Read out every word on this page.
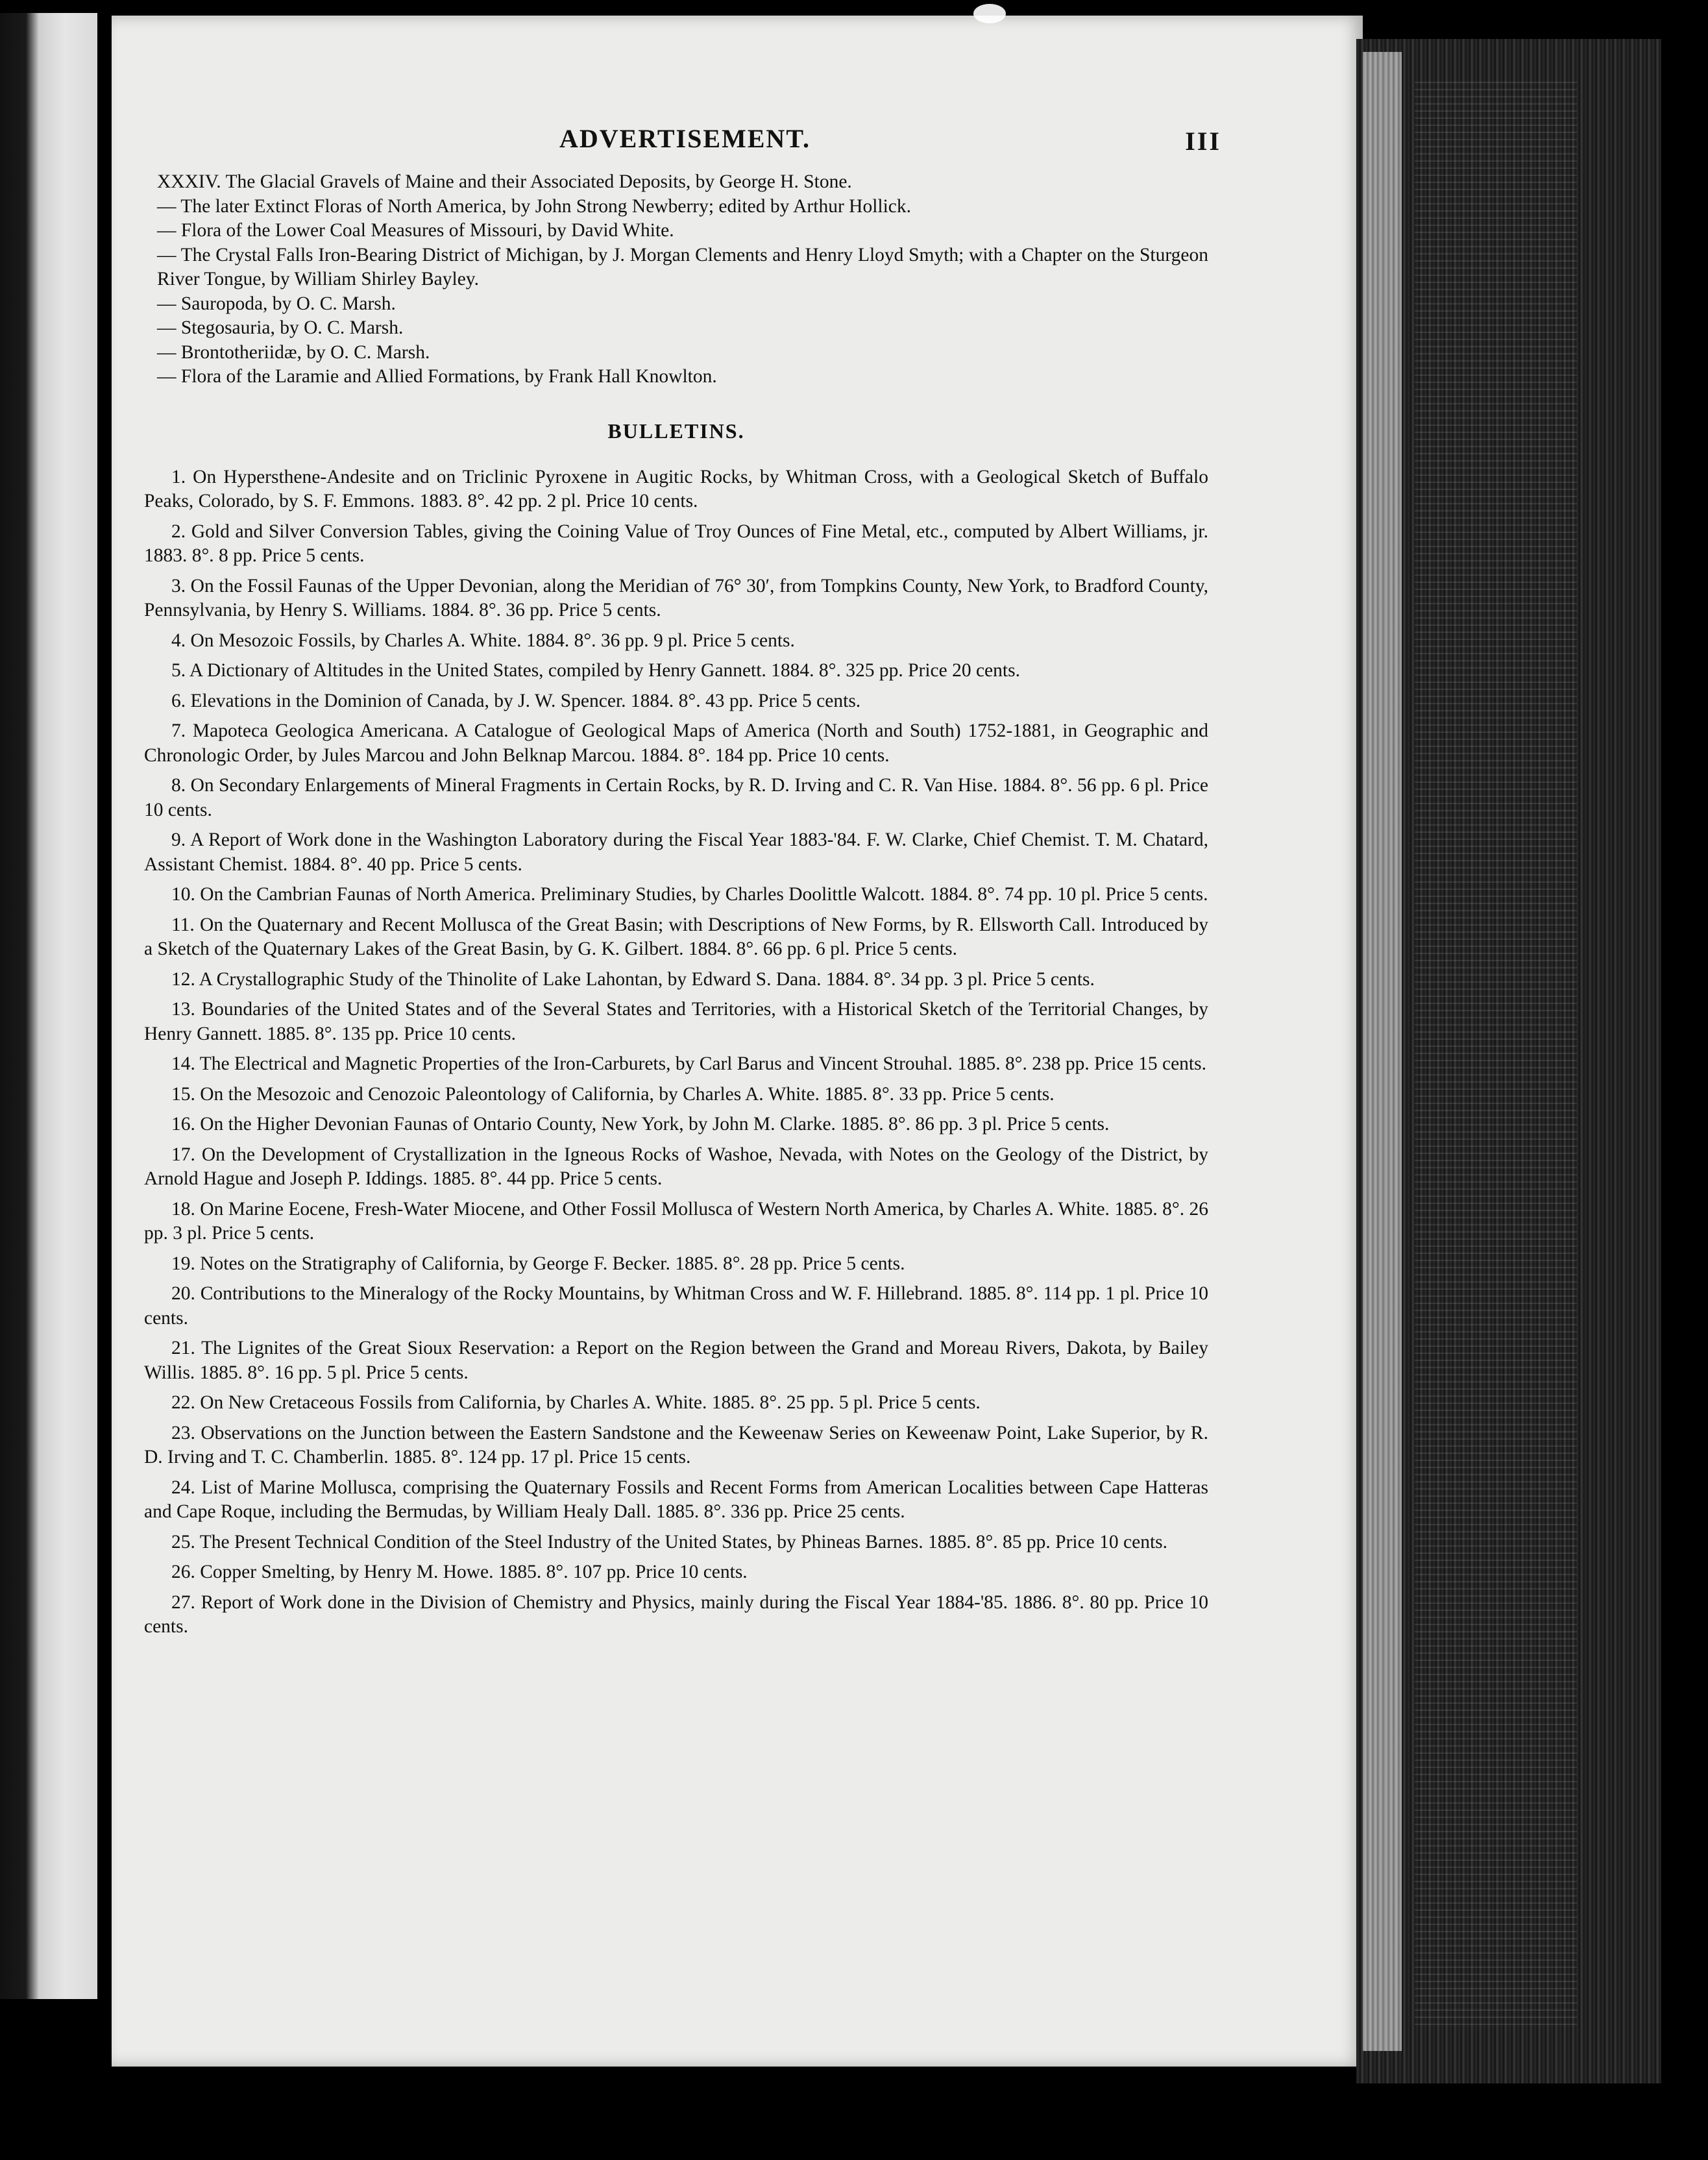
ADVERTISEMENT.	III

XXXIV. The Glacial Gravels of Maine and their Associated Deposits, by George H. Stone.

— The later Extinct Floras of North America, by John Strong Newberry; edited by Arthur Hollick.

— Flora of the Lower Coal Measures of Missouri, by David White.

— The Crystal Falls Iron-Bearing District of Michigan, by J. Morgan Clements and Henry Lloyd Smyth; with a Chapter on the Sturgeon River Tongue, by William Shirley Bayley.

— Sauropoda, by O. C. Marsh.

— Stegosauria, by O. C. Marsh.

— Brontotheriidæ, by O. C. Marsh.

— Flora of the Laramie and Allied Formations, by Frank Hall Knowlton.

BULLETINS.

1. On Hypersthene-Andesite and on Triclinic Pyroxene in Augitic Rocks, by Whitman Cross, with a Geological Sketch of Buffalo Peaks, Colorado, by S. F. Emmons. 1883. 8°. 42 pp. 2 pl. Price 10 cents.

2. Gold and Silver Conversion Tables, giving the Coining Value of Troy Ounces of Fine Metal, etc., computed by Albert Williams, jr. 1883. 8°. 8 pp. Price 5 cents.

3. On the Fossil Faunas of the Upper Devonian, along the Meridian of 76° 30′, from Tompkins County, New York, to Bradford County, Pennsylvania, by Henry S. Williams. 1884. 8°. 36 pp. Price 5 cents.

4. On Mesozoic Fossils, by Charles A. White. 1884. 8°. 36 pp. 9 pl. Price 5 cents.

5. A Dictionary of Altitudes in the United States, compiled by Henry Gannett. 1884. 8°. 325 pp. Price 20 cents.

6. Elevations in the Dominion of Canada, by J. W. Spencer. 1884. 8°. 43 pp. Price 5 cents.

7. Mapoteca Geologica Americana. A Catalogue of Geological Maps of America (North and South) 1752-1881, in Geographic and Chronologic Order, by Jules Marcou and John Belknap Marcou. 1884. 8°. 184 pp. Price 10 cents.

8. On Secondary Enlargements of Mineral Fragments in Certain Rocks, by R. D. Irving and C. R. Van Hise. 1884. 8°. 56 pp. 6 pl. Price 10 cents.

9. A Report of Work done in the Washington Laboratory during the Fiscal Year 1883-'84. F. W. Clarke, Chief Chemist. T. M. Chatard, Assistant Chemist. 1884. 8°. 40 pp. Price 5 cents.

10. On the Cambrian Faunas of North America. Preliminary Studies, by Charles Doolittle Walcott. 1884. 8°. 74 pp. 10 pl. Price 5 cents.

11. On the Quaternary and Recent Mollusca of the Great Basin; with Descriptions of New Forms, by R. Ellsworth Call. Introduced by a Sketch of the Quaternary Lakes of the Great Basin, by G. K. Gilbert. 1884. 8°. 66 pp. 6 pl. Price 5 cents.

12. A Crystallographic Study of the Thinolite of Lake Lahontan, by Edward S. Dana. 1884. 8°. 34 pp. 3 pl. Price 5 cents.

13. Boundaries of the United States and of the Several States and Territories, with a Historical Sketch of the Territorial Changes, by Henry Gannett. 1885. 8°. 135 pp. Price 10 cents.

14. The Electrical and Magnetic Properties of the Iron-Carburets, by Carl Barus and Vincent Strouhal. 1885. 8°. 238 pp. Price 15 cents.

15. On the Mesozoic and Cenozoic Paleontology of California, by Charles A. White. 1885. 8°. 33 pp. Price 5 cents.

16. On the Higher Devonian Faunas of Ontario County, New York, by John M. Clarke. 1885. 8°. 86 pp. 3 pl. Price 5 cents.

17. On the Development of Crystallization in the Igneous Rocks of Washoe, Nevada, with Notes on the Geology of the District, by Arnold Hague and Joseph P. Iddings. 1885. 8°. 44 pp. Price 5 cents.

18. On Marine Eocene, Fresh-Water Miocene, and Other Fossil Mollusca of Western North America, by Charles A. White. 1885. 8°. 26 pp. 3 pl. Price 5 cents.

19. Notes on the Stratigraphy of California, by George F. Becker. 1885. 8°. 28 pp. Price 5 cents.

20. Contributions to the Mineralogy of the Rocky Mountains, by Whitman Cross and W. F. Hillebrand. 1885. 8°. 114 pp. 1 pl. Price 10 cents.

21. The Lignites of the Great Sioux Reservation: a Report on the Region between the Grand and Moreau Rivers, Dakota, by Bailey Willis. 1885. 8°. 16 pp. 5 pl. Price 5 cents.

22. On New Cretaceous Fossils from California, by Charles A. White. 1885. 8°. 25 pp. 5 pl. Price 5 cents.

23. Observations on the Junction between the Eastern Sandstone and the Keweenaw Series on Keweenaw Point, Lake Superior, by R. D. Irving and T. C. Chamberlin. 1885. 8°. 124 pp. 17 pl. Price 15 cents.

24. List of Marine Mollusca, comprising the Quaternary Fossils and Recent Forms from American Localities between Cape Hatteras and Cape Roque, including the Bermudas, by William Healy Dall. 1885. 8°. 336 pp. Price 25 cents.

25. The Present Technical Condition of the Steel Industry of the United States, by Phineas Barnes. 1885. 8°. 85 pp. Price 10 cents.

26. Copper Smelting, by Henry M. Howe. 1885. 8°. 107 pp. Price 10 cents.

27. Report of Work done in the Division of Chemistry and Physics, mainly during the Fiscal Year 1884-'85. 1886. 8°. 80 pp. Price 10 cents.
